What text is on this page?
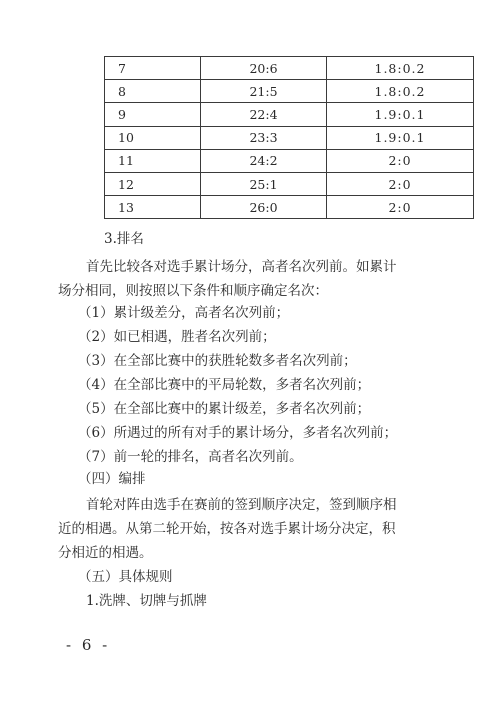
7	20:6	1.8:0.2
8	21:5	1.8:0.2
9	22:4	1.9:0.1
10	23:3	1.9:0.1
11	24:2	2:0
12	25:1	2:0
13	26:0	2:0
3.排名
首先比较各对选手累计场分，高者名次列前。如累计
场分相同，则按照以下条件和顺序确定名次：
（1）累计级差分，高者名次列前；
（2）如已相遇，胜者名次列前；
（3）在全部比赛中的获胜轮数多者名次列前；
（4）在全部比赛中的平局轮数，多者名次列前；
（5）在全部比赛中的累计级差，多者名次列前；
（6）所遇过的所有对手的累计场分，多者名次列前；
（7）前一轮的排名，高者名次列前。
（四）编排
首轮对阵由选手在赛前的签到顺序决定，签到顺序相
近的相遇。从第二轮开始，按各对选手累计场分决定，积
分相近的相遇。
（五）具体规则
1.洗牌、切牌与抓牌
- 6 -
